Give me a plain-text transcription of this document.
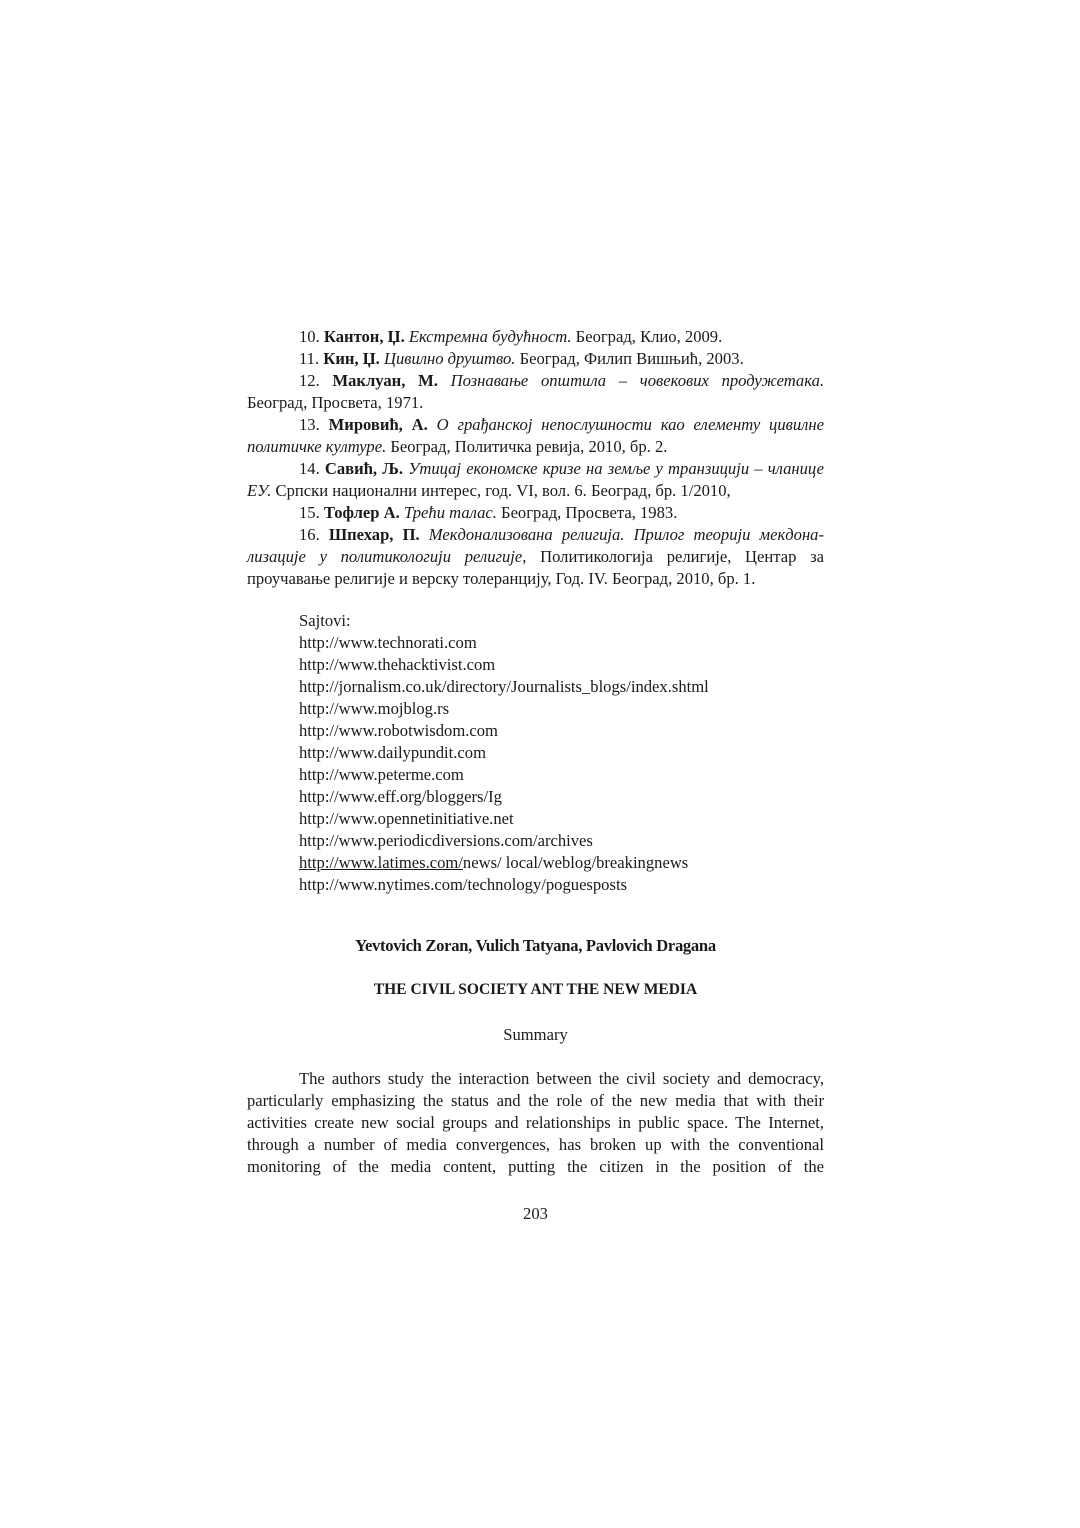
10. Кантон, Џ. Екстремна будућност. Београд, Клио, 2009.

11. Кин, Џ. Цивилно друштво. Београд, Филип Вишњић, 2003.

12. Маклуан, М. Познавање општила – човекових продужетака. Београд, Просвета, 1971.

13. Мировић, А. О грађанској непослушности као елементу цивилне политичке културе. Београд, Политичка ревија, 2010, бр. 2.

14. Савић, Љ. Утицај економске кризе на земље у транзицији – чланице ЕУ. Српски национални интерес, год. VI, вол. 6. Београд, бр. 1/2010,

15. Тофлер А. Трећи талас. Београд, Просвета, 1983.

16. Шпехар, П. Мекдонализована религија. Прилог теорији мекдона-лизације у политикологији религије, Политикологија религије, Центар за проучавање религије и верску толеранцију, Год. IV. Београд, 2010, бр. 1.

Sajtovi:
http://www.technorati.com
http://www.thehacktivist.com
http://jornalism.co.uk/directory/Journalists_blogs/index.shtml
http://www.mojblog.rs
http://www.robotwisdom.com
http://www.dailypundit.com
http://www.peterme.com
http://www.eff.org/bloggers/Ig
http://www.opennetinitiative.net
http://www.periodicdiversions.com/archives
http://www.latimes.com/news/ local/weblog/breakingnews
http://www.nytimes.com/technology/poguesposts
Yevtovich Zoran, Vulich Tatyana, Pavlovich Dragana
THE CIVIL SOCIETY ANT THE NEW MEDIA
Summary

The authors study the interaction between the civil society and democracy, particularly emphasizing the status and the role of the new media that with their activities create new social groups and relationships in public space. The Internet, through a number of media convergences, has broken up with the conventional monitoring of the media content, putting the citizen in the position of the

203
